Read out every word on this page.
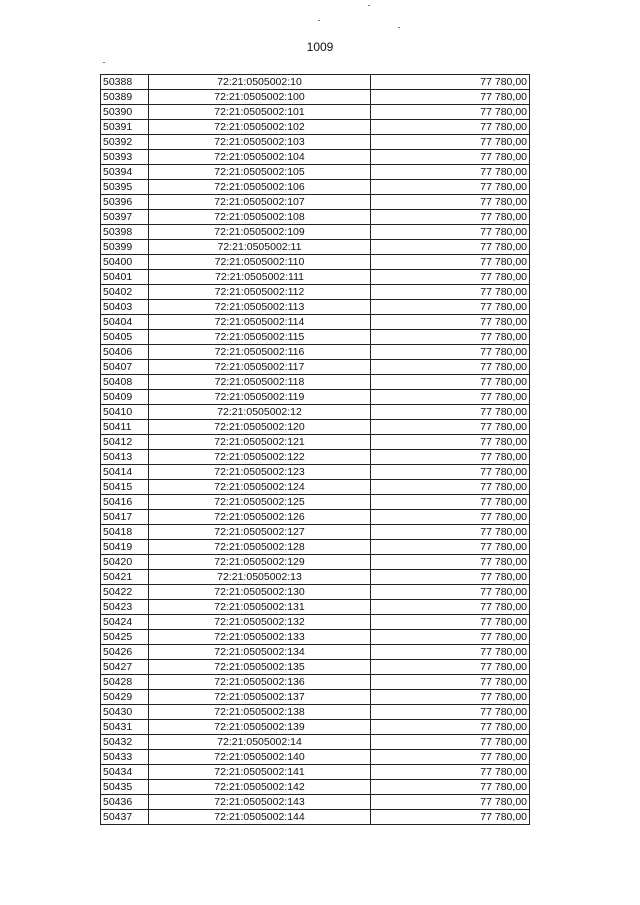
1009
50388	72:21:0505002:10	77 780,00
50389	72:21:0505002:100	77 780,00
50390	72:21:0505002:101	77 780,00
50391	72:21:0505002:102	77 780,00
50392	72:21:0505002:103	77 780,00
50393	72:21:0505002:104	77 780,00
50394	72:21:0505002:105	77 780,00
50395	72:21:0505002:106	77 780,00
50396	72:21:0505002:107	77 780,00
50397	72:21:0505002:108	77 780,00
50398	72:21:0505002:109	77 780,00
50399	72:21:0505002:11	77 780,00
50400	72:21:0505002:110	77 780,00
50401	72:21:0505002:111	77 780,00
50402	72:21:0505002:112	77 780,00
50403	72:21:0505002:113	77 780,00
50404	72:21:0505002:114	77 780,00
50405	72:21:0505002:115	77 780,00
50406	72:21:0505002:116	77 780,00
50407	72:21:0505002:117	77 780,00
50408	72:21:0505002:118	77 780,00
50409	72:21:0505002:119	77 780,00
50410	72:21:0505002:12	77 780,00
50411	72:21:0505002:120	77 780,00
50412	72:21:0505002:121	77 780,00
50413	72:21:0505002:122	77 780,00
50414	72:21:0505002:123	77 780,00
50415	72:21:0505002:124	77 780,00
50416	72:21:0505002:125	77 780,00
50417	72:21:0505002:126	77 780,00
50418	72:21:0505002:127	77 780,00
50419	72:21:0505002:128	77 780,00
50420	72:21:0505002:129	77 780,00
50421	72:21:0505002:13	77 780,00
50422	72:21:0505002:130	77 780,00
50423	72:21:0505002:131	77 780,00
50424	72:21:0505002:132	77 780,00
50425	72:21:0505002:133	77 780,00
50426	72:21:0505002:134	77 780,00
50427	72:21:0505002:135	77 780,00
50428	72:21:0505002:136	77 780,00
50429	72:21:0505002:137	77 780,00
50430	72:21:0505002:138	77 780,00
50431	72:21:0505002:139	77 780,00
50432	72:21:0505002:14	77 780,00
50433	72:21:0505002:140	77 780,00
50434	72:21:0505002:141	77 780,00
50435	72:21:0505002:142	77 780,00
50436	72:21:0505002:143	77 780,00
50437	72:21:0505002:144	77 780,00
